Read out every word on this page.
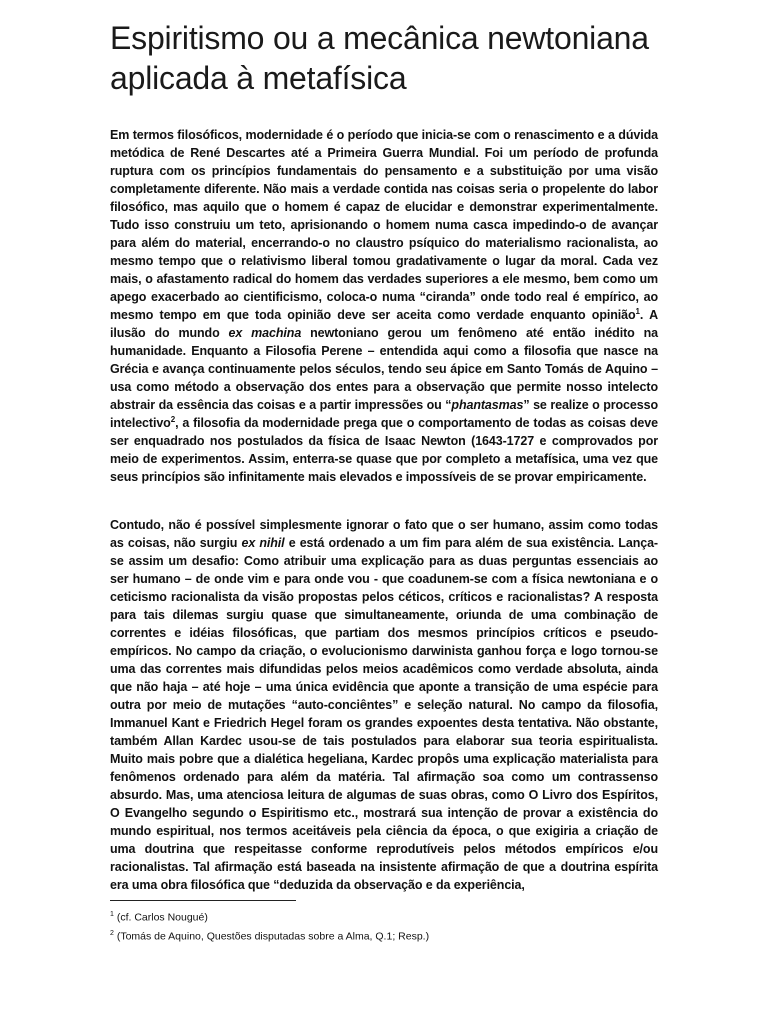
Espiritismo ou a mecânica newtoniana
aplicada à metafísica

Em termos filosóficos, modernidade é o período que inicia-se com o renascimento e a dúvida metódica de René Descartes até a Primeira Guerra Mundial. Foi um período de profunda ruptura com os princípios fundamentais do pensamento e a substituição por uma visão completamente diferente. Não mais a verdade contida nas coisas seria o propelente do labor filosófico, mas aquilo que o homem é capaz de elucidar e demonstrar experimentalmente. Tudo isso construiu um teto, aprisionando o homem numa casca impedindo-o de avançar para além do material, encerrando-o no claustro psíquico do materialismo racionalista, ao mesmo tempo que o relativismo liberal tomou gradativamente o lugar da moral. Cada vez mais, o afastamento radical do homem das verdades superiores a ele mesmo, bem como um apego exacerbado ao cientificismo, coloca-o numa “ciranda” onde todo real é empírico, ao mesmo tempo em que toda opinião deve ser aceita como verdade enquanto opinião$^1$. A ilusão do mundo ex machina newtoniano gerou um fenômeno até então inédito na humanidade. Enquanto a Filosofia Perene – entendida aqui como a filosofia que nasce na Grécia e avança continuamente pelos séculos, tendo seu ápice em Santo Tomás de Aquino – usa como método a observação dos entes para a observação que permite nosso intelecto abstrair da essência das coisas e a partir impressões ou “phantasmas” se realize o processo intelectivo$^2$, a filosofia da modernidade prega que o comportamento de todas as coisas deve ser enquadrado nos postulados da física de Isaac Newton (1643-1727 e comprovados por meio de experimentos. Assim, enterra-se quase que por completo a metafísica, uma vez que seus princípios são infinitamente mais elevados e impossíveis de se provar empiricamente.

Contudo, não é possível simplesmente ignorar o fato que o ser humano, assim como todas as coisas, não surgiu ex nihil e está ordenado a um fim para além de sua existência. Lança-se assim um desafio: Como atribuir uma explicação para as duas perguntas essenciais ao ser humano – de onde vim e para onde vou - que coadunem-se com a física newtoniana e o ceticismo racionalista da visão propostas pelos céticos, críticos e racionalistas? A resposta para tais dilemas surgiu quase que simultaneamente, oriunda de uma combinação de correntes e idéias filosóficas, que partiam dos mesmos princípios críticos e pseudo-empíricos. No campo da criação, o evolucionismo darwinista ganhou força e logo tornou-se uma das correntes mais difundidas pelos meios acadêmicos como verdade absoluta, ainda que não haja – até hoje – uma única evidência que aponte a transição de uma espécie para outra por meio de mutações “auto-conciêntes” e seleção natural. No campo da filosofia, Immanuel Kant e Friedrich Hegel foram os grandes expoentes desta tentativa. Não obstante, também Allan Kardec usou-se de tais postulados para elaborar sua teoria espiritualista. Muito mais pobre que a dialética hegeliana, Kardec propôs uma explicação materialista para fenômenos ordenado para além da matéria. Tal afirmação soa como um contrassenso absurdo. Mas, uma atenciosa leitura de algumas de suas obras, como O Livro dos Espíritos, O Evangelho segundo o Espiritismo etc., mostrará sua intenção de provar a existência do mundo espiritual, nos termos aceitáveis pela ciência da época, o que exigiria a criação de uma doutrina que respeitasse conforme reprodutíveis pelos métodos empíricos e/ou racionalistas. Tal afirmação está baseada na insistente afirmação de que a doutrina espírita era uma obra filosófica que “deduzida da observação e da experiência,

$^1$ (cf. Carlos Nougué)
$^2$ (Tomás de Aquino, Questões disputadas sobre a Alma, Q.1; Resp.)
